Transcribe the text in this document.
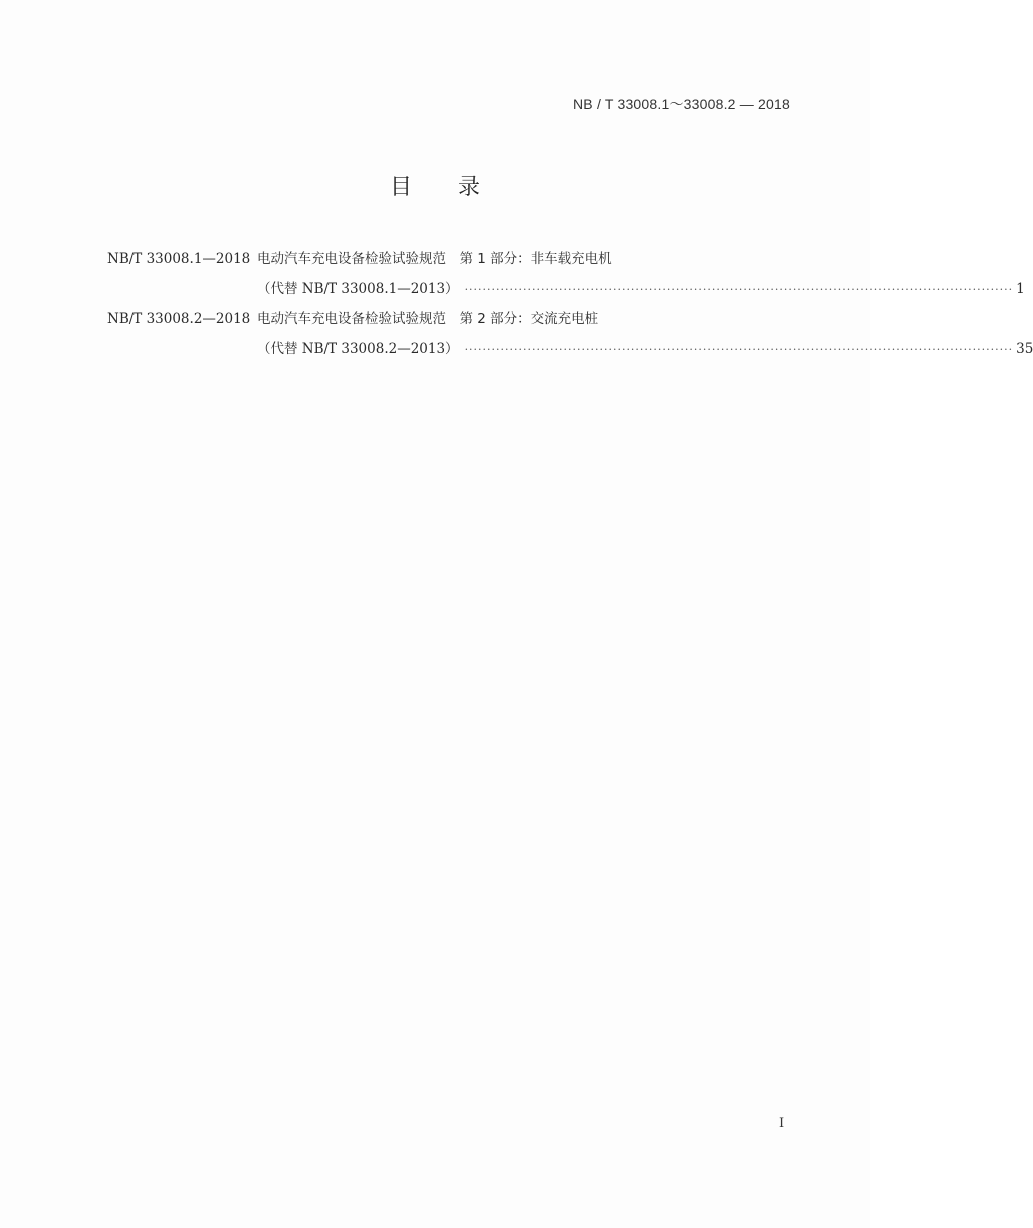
NB / T 33008.1～33008.2 — 2018
目录
NB/T 33008.1—2018 电动汽车充电设备检验试验规范　第 1 部分：非车载充电机
（代替 NB/T 33008.1—2013） ·························································································································· 1
NB/T 33008.2—2018 电动汽车充电设备检验试验规范　第 2 部分：交流充电桩
（代替 NB/T 33008.2—2013） ·························································································································· 35
I
